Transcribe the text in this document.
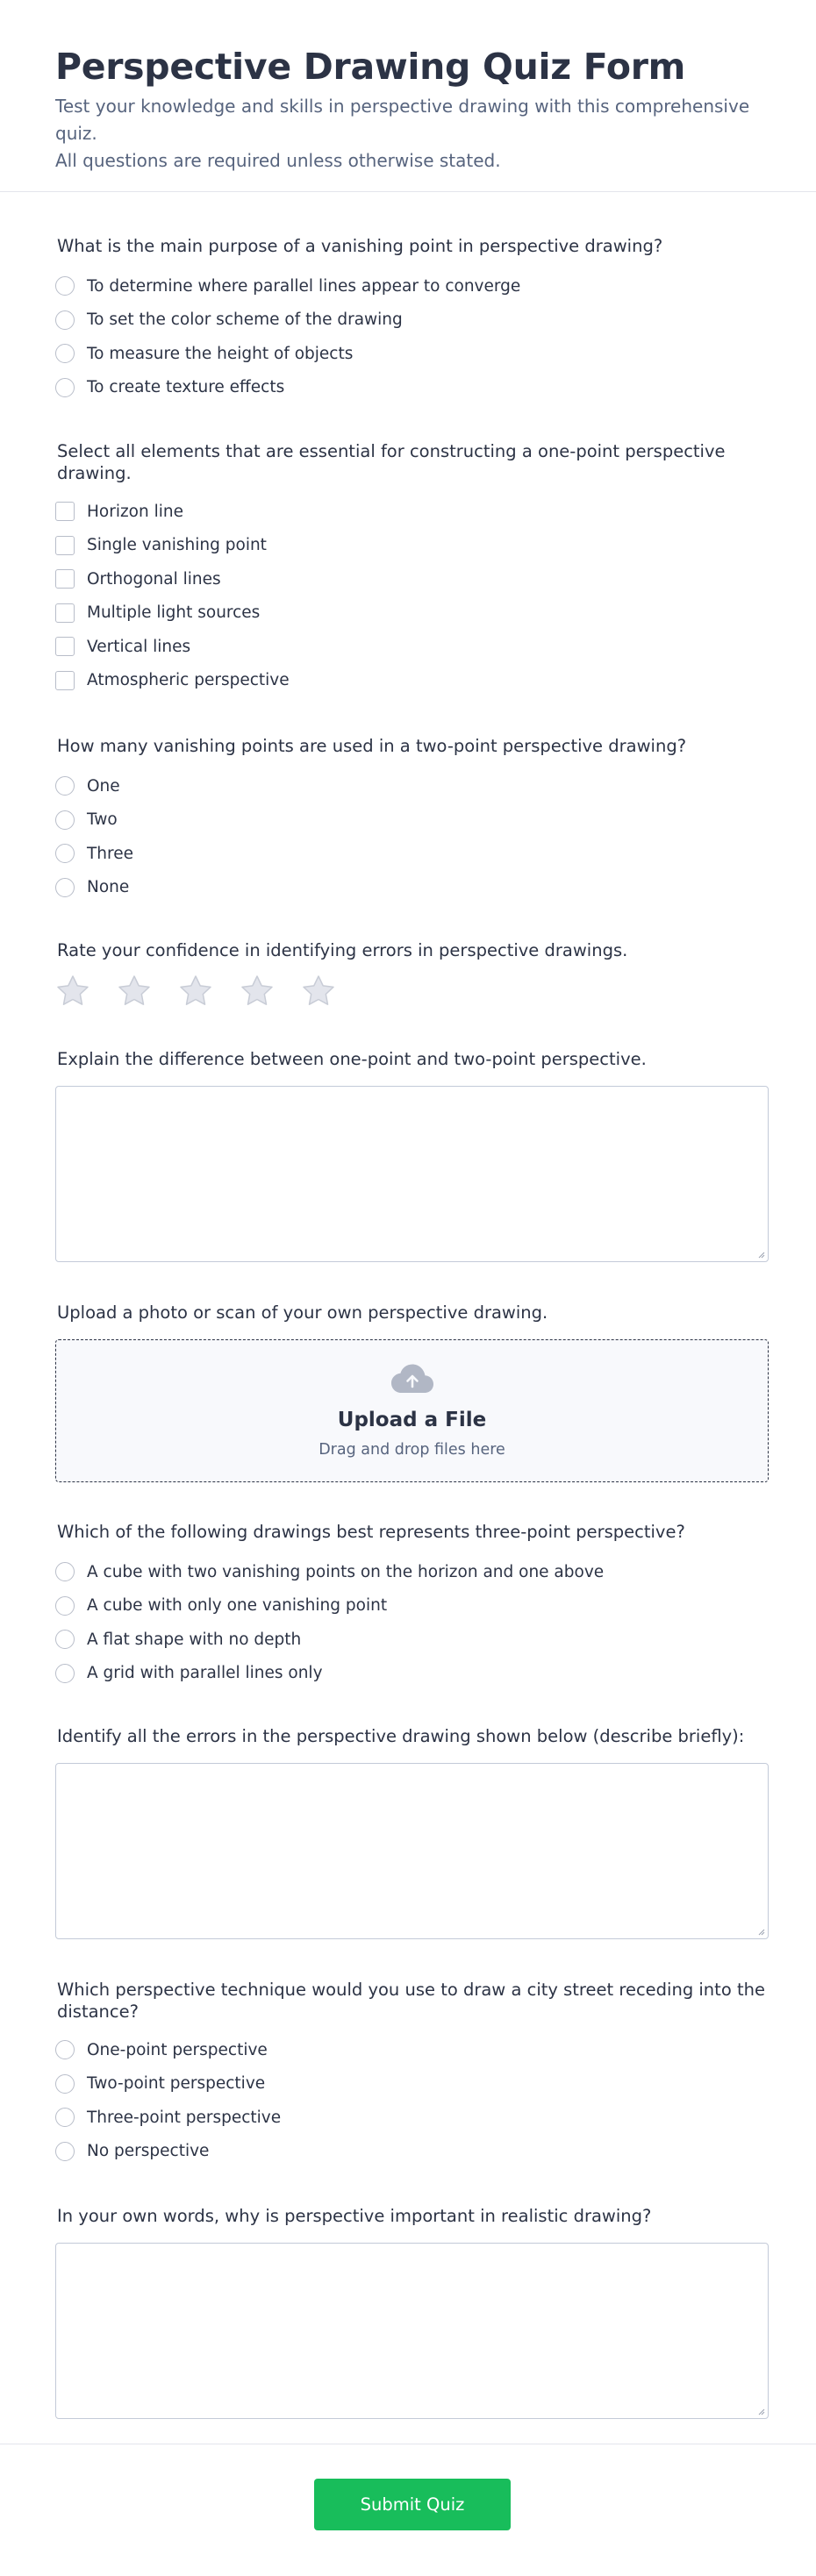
Perspective Drawing Quiz Form
Test your knowledge and skills in perspective drawing with this comprehensive quiz.
All questions are required unless otherwise stated.
What is the main purpose of a vanishing point in perspective drawing?
To determine where parallel lines appear to converge
To set the color scheme of the drawing
To measure the height of objects
To create texture effects
Select all elements that are essential for constructing a one-point perspective
drawing.
Horizon line
Single vanishing point
Orthogonal lines
Multiple light sources
Vertical lines
Atmospheric perspective
How many vanishing points are used in a two-point perspective drawing?
One
Two
Three
None
Rate your confidence in identifying errors in perspective drawings.
Explain the difference between one-point and two-point perspective.
Upload a photo or scan of your own perspective drawing.
Upload a File
Drag and drop files here
Which of the following drawings best represents three-point perspective?
A cube with two vanishing points on the horizon and one above
A cube with only one vanishing point
A flat shape with no depth
A grid with parallel lines only
Identify all the errors in the perspective drawing shown below (describe briefly):
Which perspective technique would you use to draw a city street receding into the
distance?
One-point perspective
Two-point perspective
Three-point perspective
No perspective
In your own words, why is perspective important in realistic drawing?
Submit Quiz
